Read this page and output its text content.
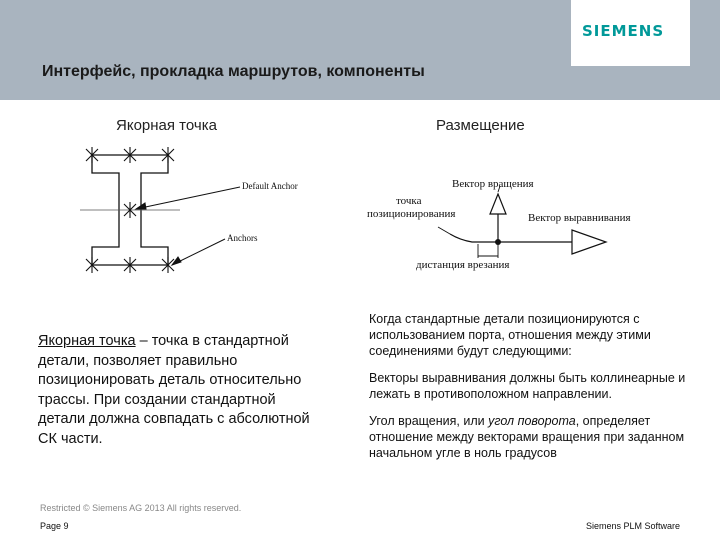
SIEMENS
Интерфейс, прокладка маршрутов, компоненты
Якорная точка	Размещение
Default Anchor
Anchors
Вектор вращения
точка
позиционирования	Вектор выравнивания
дистанция врезания
Якорная точка – точка в стандартной детали, позволяет правильно позиционировать деталь относительно трассы. При создании стандартной детали должна совпадать с абсолютной СК части.

Когда стандартные детали позиционируются с использованием порта, отношения между этими соединениями будут следующими:

Векторы выравнивания должны быть коллинеарные и лежать в противоположном направлении.

Угол вращения, или угол поворота, определяет отношение между векторами вращения при заданном начальном угле в ноль градусов

Restricted © Siemens AG 2013 All rights reserved.
Page 9	Siemens PLM Software
